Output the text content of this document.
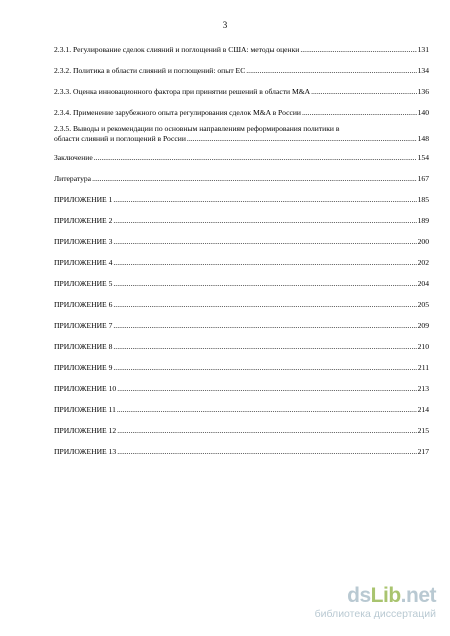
3
2.3.1. Регулирование сделок слияний и поглощений в США: методы оценки .....	131
2.3.2. Политика в области слияний и поглощений: опыт ЕС .....	134
2.3.3. Оценка инновационного фактора при принятии решений в области M&A .....	136
2.3.4. Применение зарубежного опыта регулирования сделок M&A в России .....	140
2.3.5. Выводы и рекомендации по основным направлениям реформирования политики в
области слияний и поглощений в России .....	148
Заключение .....	154
Литература .....	167
ПРИЛОЖЕНИЕ 1 .....	185
ПРИЛОЖЕНИЕ 2 .....	189
ПРИЛОЖЕНИЕ 3 .....	200
ПРИЛОЖЕНИЕ 4 .....	202
ПРИЛОЖЕНИЕ 5 .....	204
ПРИЛОЖЕНИЕ 6 .....	205
ПРИЛОЖЕНИЕ 7 .....	209
ПРИЛОЖЕНИЕ 8 .....	210
ПРИЛОЖЕНИЕ 9 .....	211
ПРИЛОЖЕНИЕ 10 .....	213
ПРИЛОЖЕНИЕ 11 .....	214
ПРИЛОЖЕНИЕ 12 .....	215
ПРИЛОЖЕНИЕ 13 .....	217
dsLib.net
библиотека диссертаций
